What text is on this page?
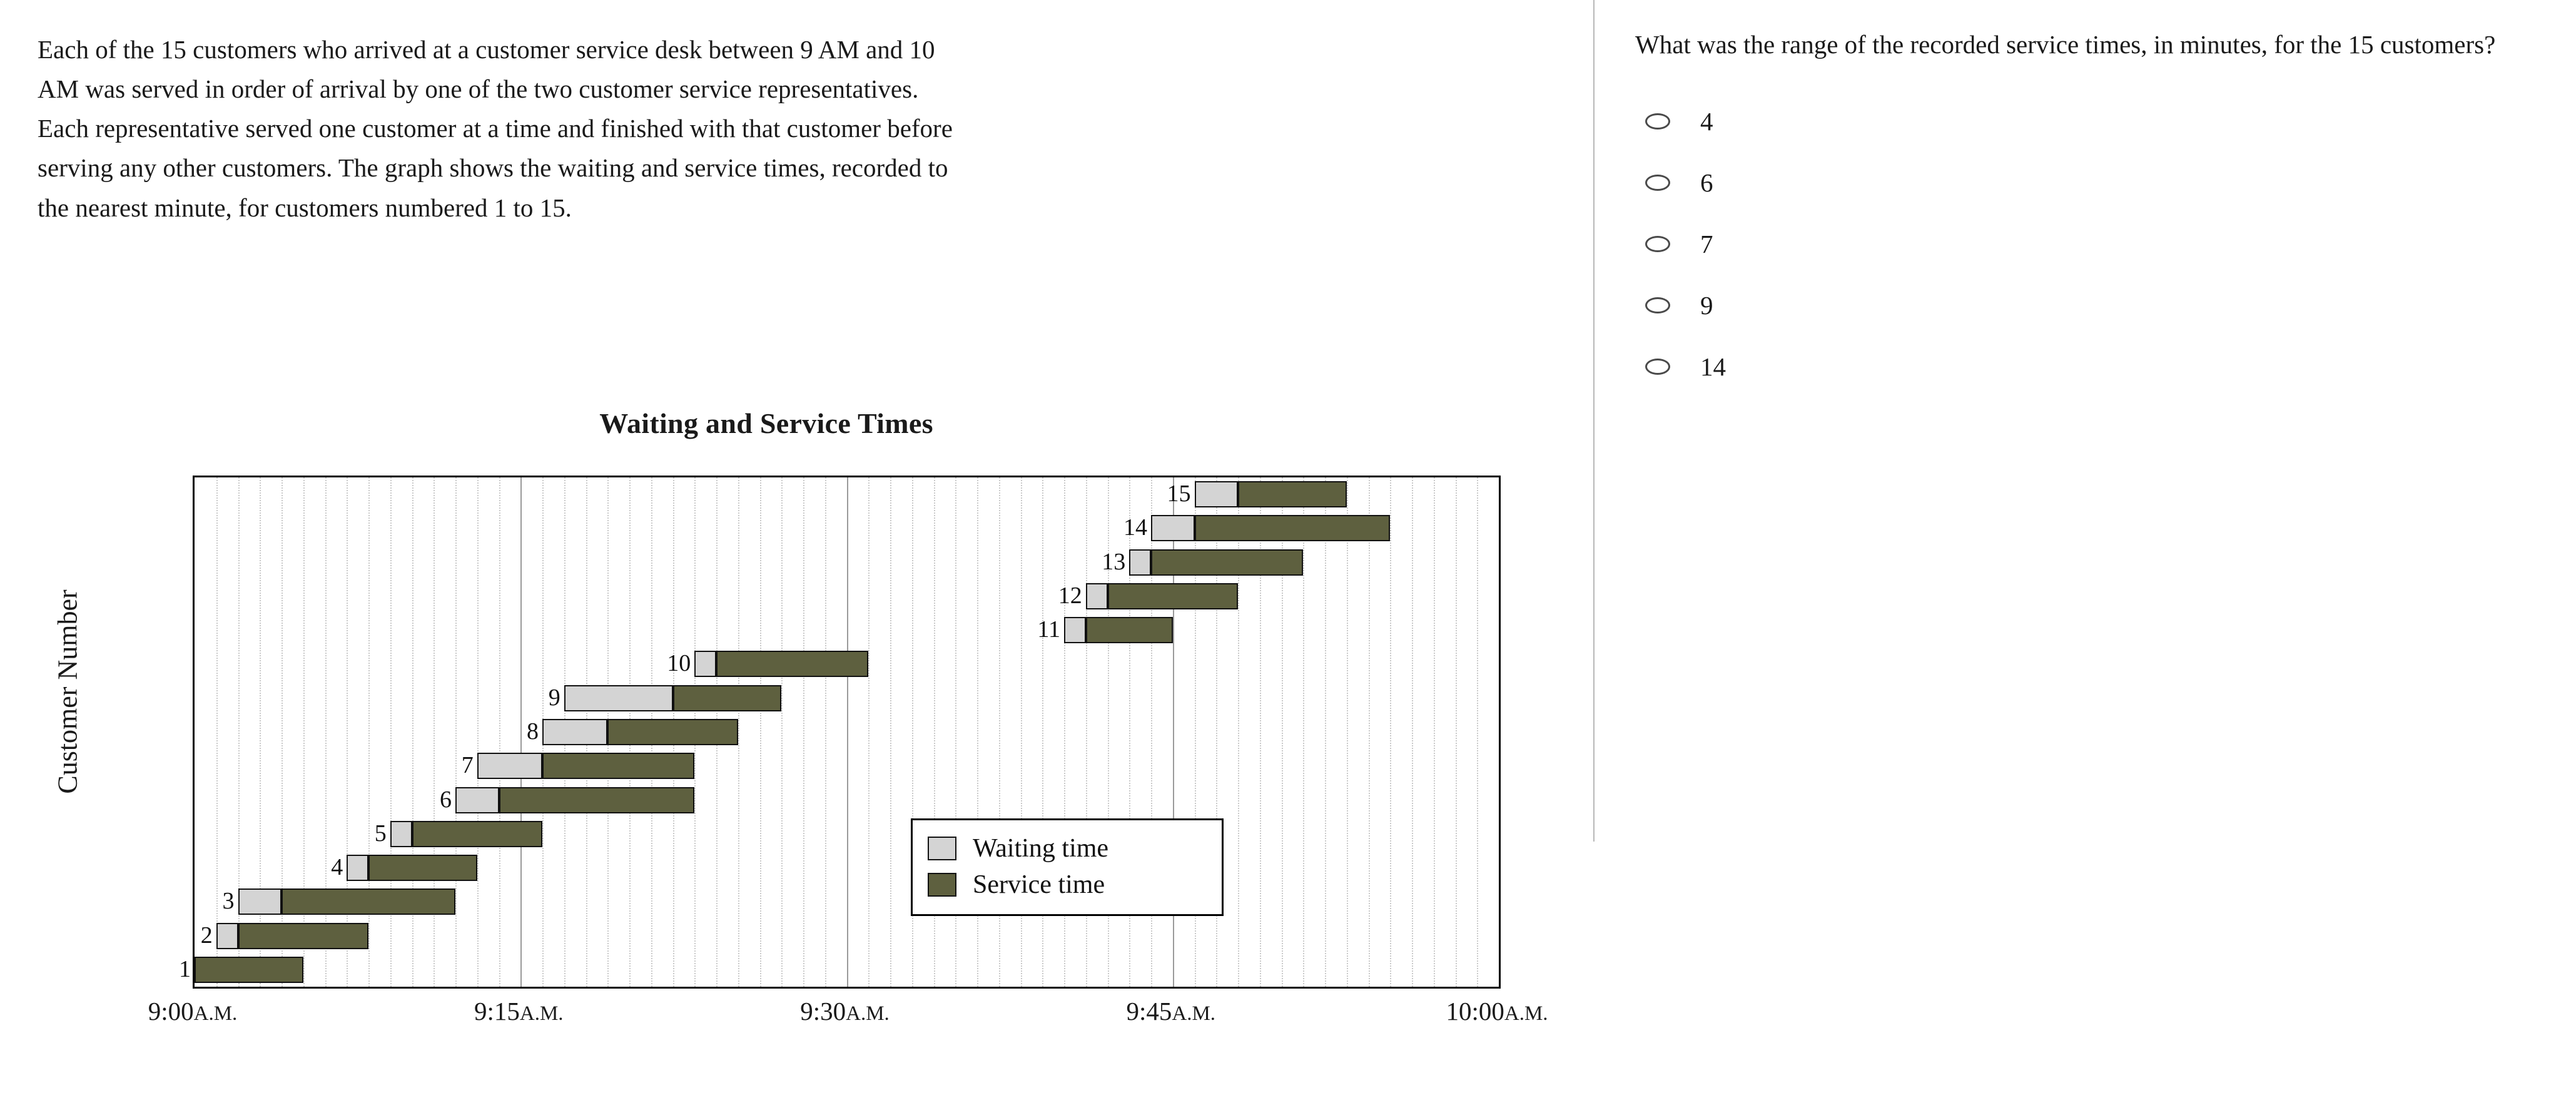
Each of the 15 customers who arrived at a customer service desk between 9 AM and 10 AM was served in order of arrival by one of the two customer service representatives. Each representative served one customer at a time and finished with that customer before serving any other customers. The graph shows the waiting and service times, recorded to the nearest minute, for customers numbered 1 to 15.
What was the range of the recorded service times, in minutes, for the 15 customers?
4
6
7
9
14
Waiting and Service Times
Customer Number
Waiting time
Service time
1
2
3
4
5
6
7
8
9
10
11
12
13
14
15
9:00A.M.	9:15A.M.	9:30A.M.	9:45A.M.	10:00A.M.
